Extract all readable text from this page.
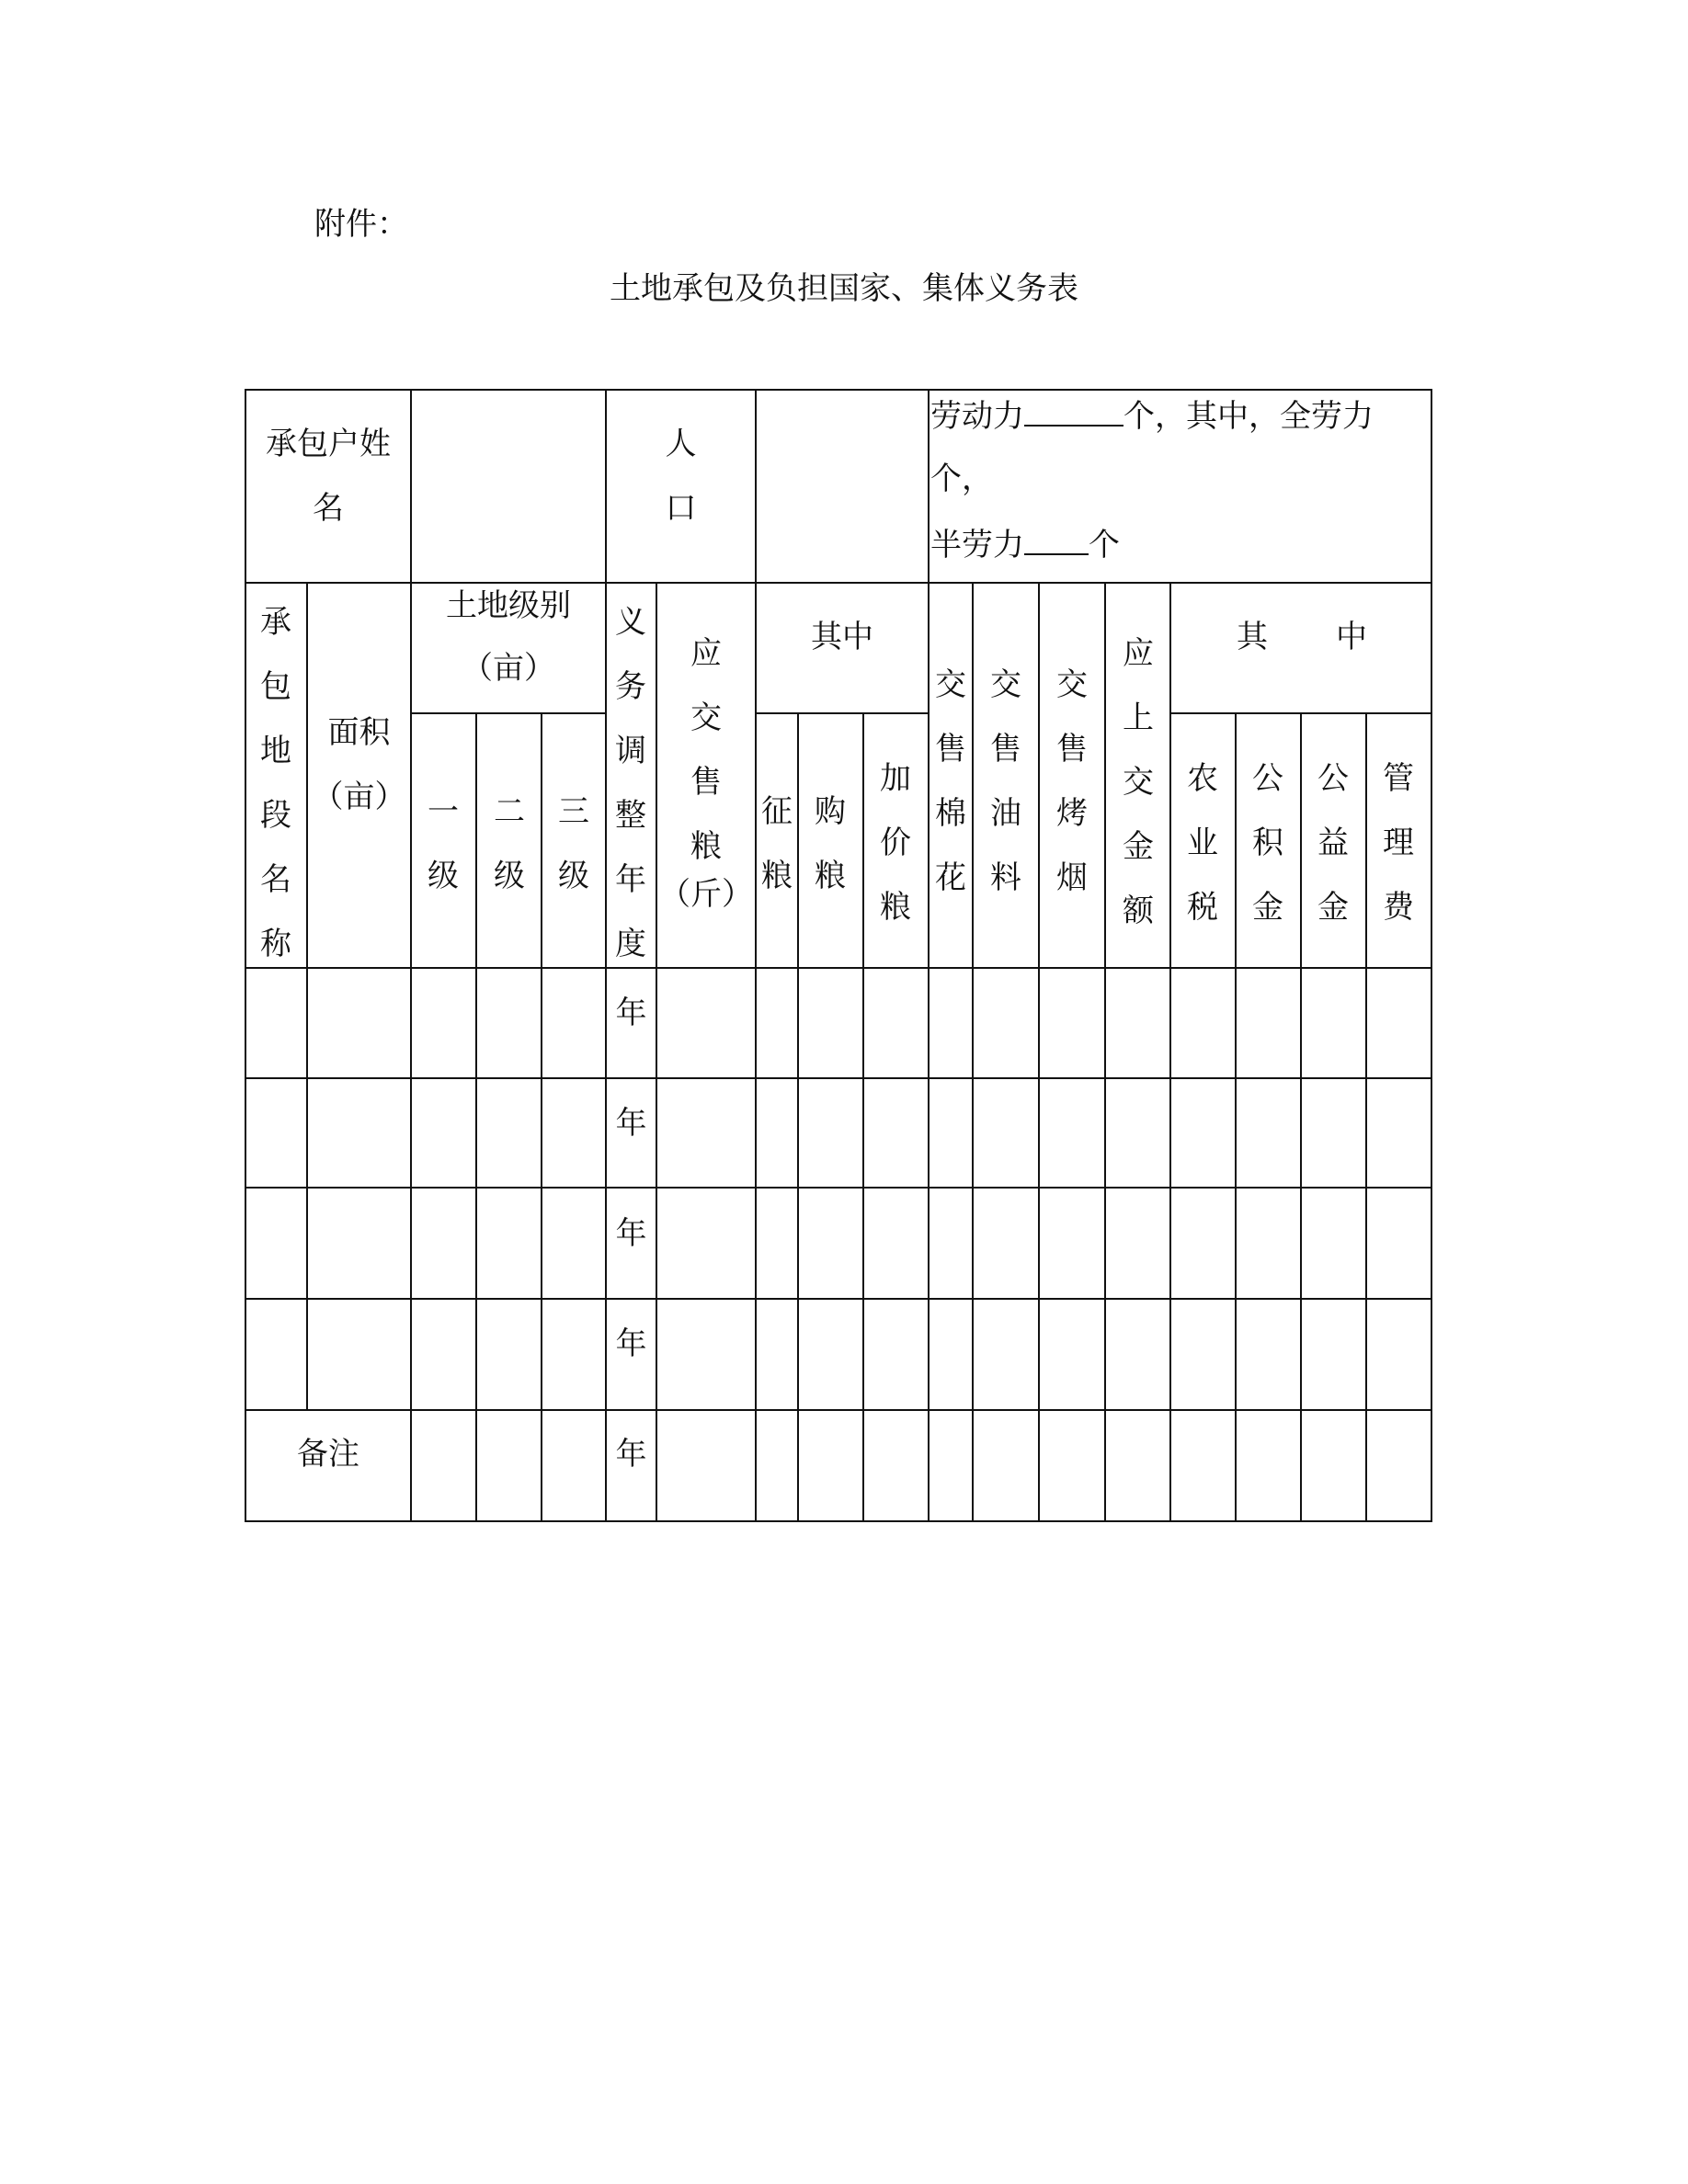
附件：
土地承包及负担国家、集体义务表
承包户姓
名
人
口
劳动力	个，其中，全劳力
个，
半劳力 个
承包地段名称
面积
（亩）
土地级别
（亩）
一级
二级
三级
义务调整年度
应交售粮
（斤）
其中
征粮
购粮
加价粮
交售棉花
交售油料
交售烤烟
应上交金额
其 中
农业税
公积金
公益金
管理费
年
年
年
年
备注	年
